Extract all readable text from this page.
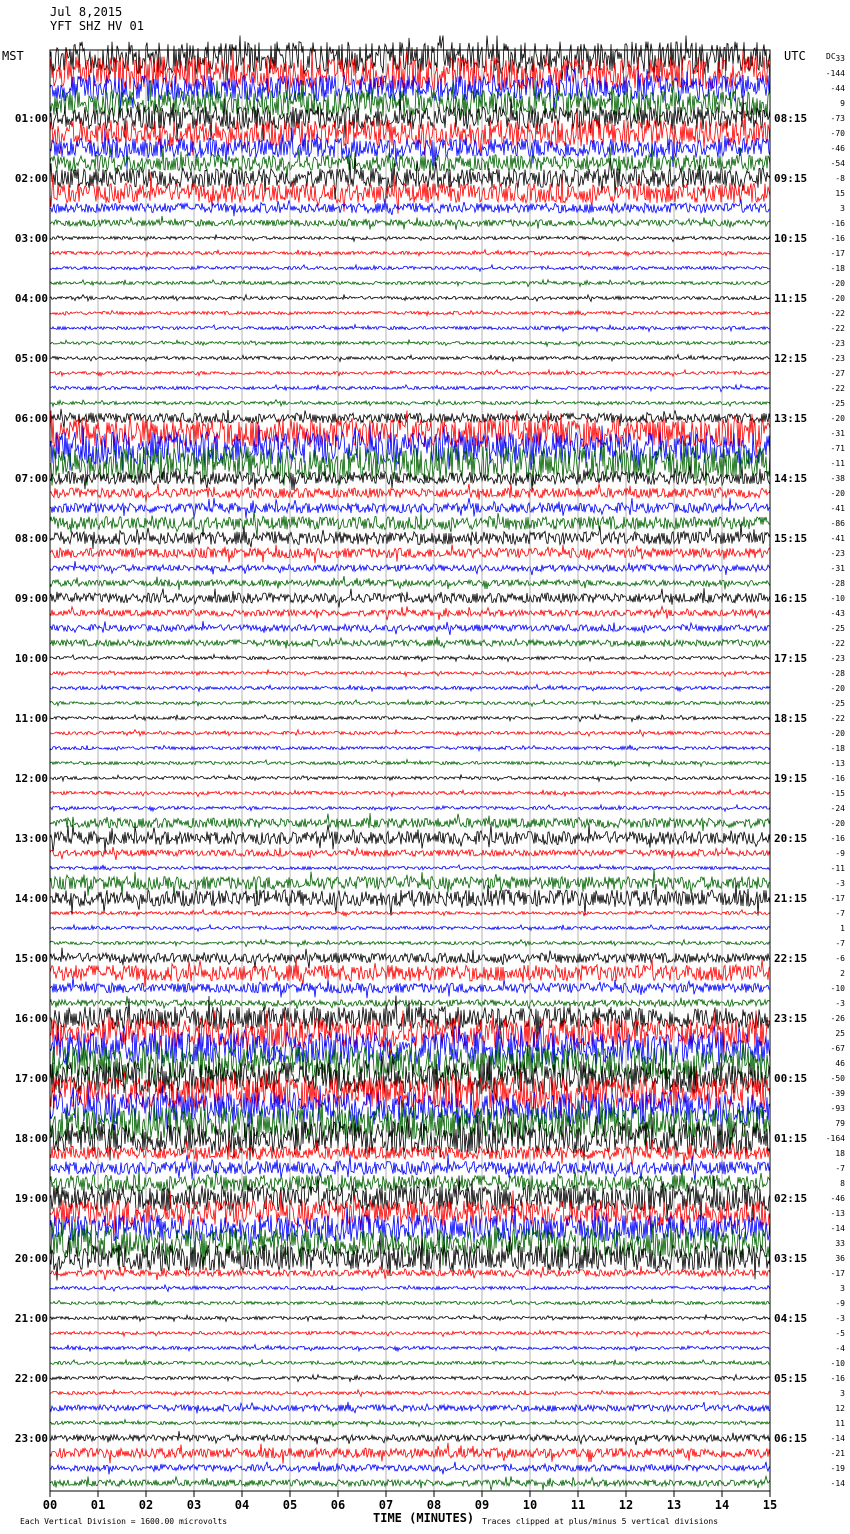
00	01	02	03	04	05	06	07	08	09	10	11	12	13	14	15
01:00
02:00
03:00
04:00
05:00
06:00
07:00
08:00
09:00
10:00
11:00
12:00
13:00
14:00
15:00
16:00
17:00
18:00
19:00
20:00
21:00
22:00
23:00
08:15
09:15
10:15
11:15
12:15
13:15
14:15
15:15
16:15
17:15
18:15
19:15
20:15
21:15
22:15
23:15
00:15
01:15
02:15
03:15
04:15
05:15
06:15
33
-144
-44
9
-73
-70
-46
-54
-8
15
3
-16
-16
-17
-18
-20
-20
-22
-22
-23
-23
-27
-22
-25
-20
-31
-71
-11
-38
-20
-41
-86
-41
-23
-31
-28
-10
-43
-25
-22
-23
-28
-20
-25
-22
-20
-18
-13
-16
-15
-24
-20
-16
-9
-11
-3
-17
-7
1
-7
-6
2
-10
-3
-26
25
-67
46
-50
-39
-93
79
-164
18
-7
8
-46
-13
-14
33
36
-17
3
-9
-3
-5
-4
-10
-16
3
12
11
-14
-21
-19
-14
Jul 8,2015
YFT SHZ HV 01
MST	UTC	DC
TIME (MINUTES)
Each Vertical Division = 1600.00 microvolts	Traces clipped at plus/minus 5 vertical divisions
